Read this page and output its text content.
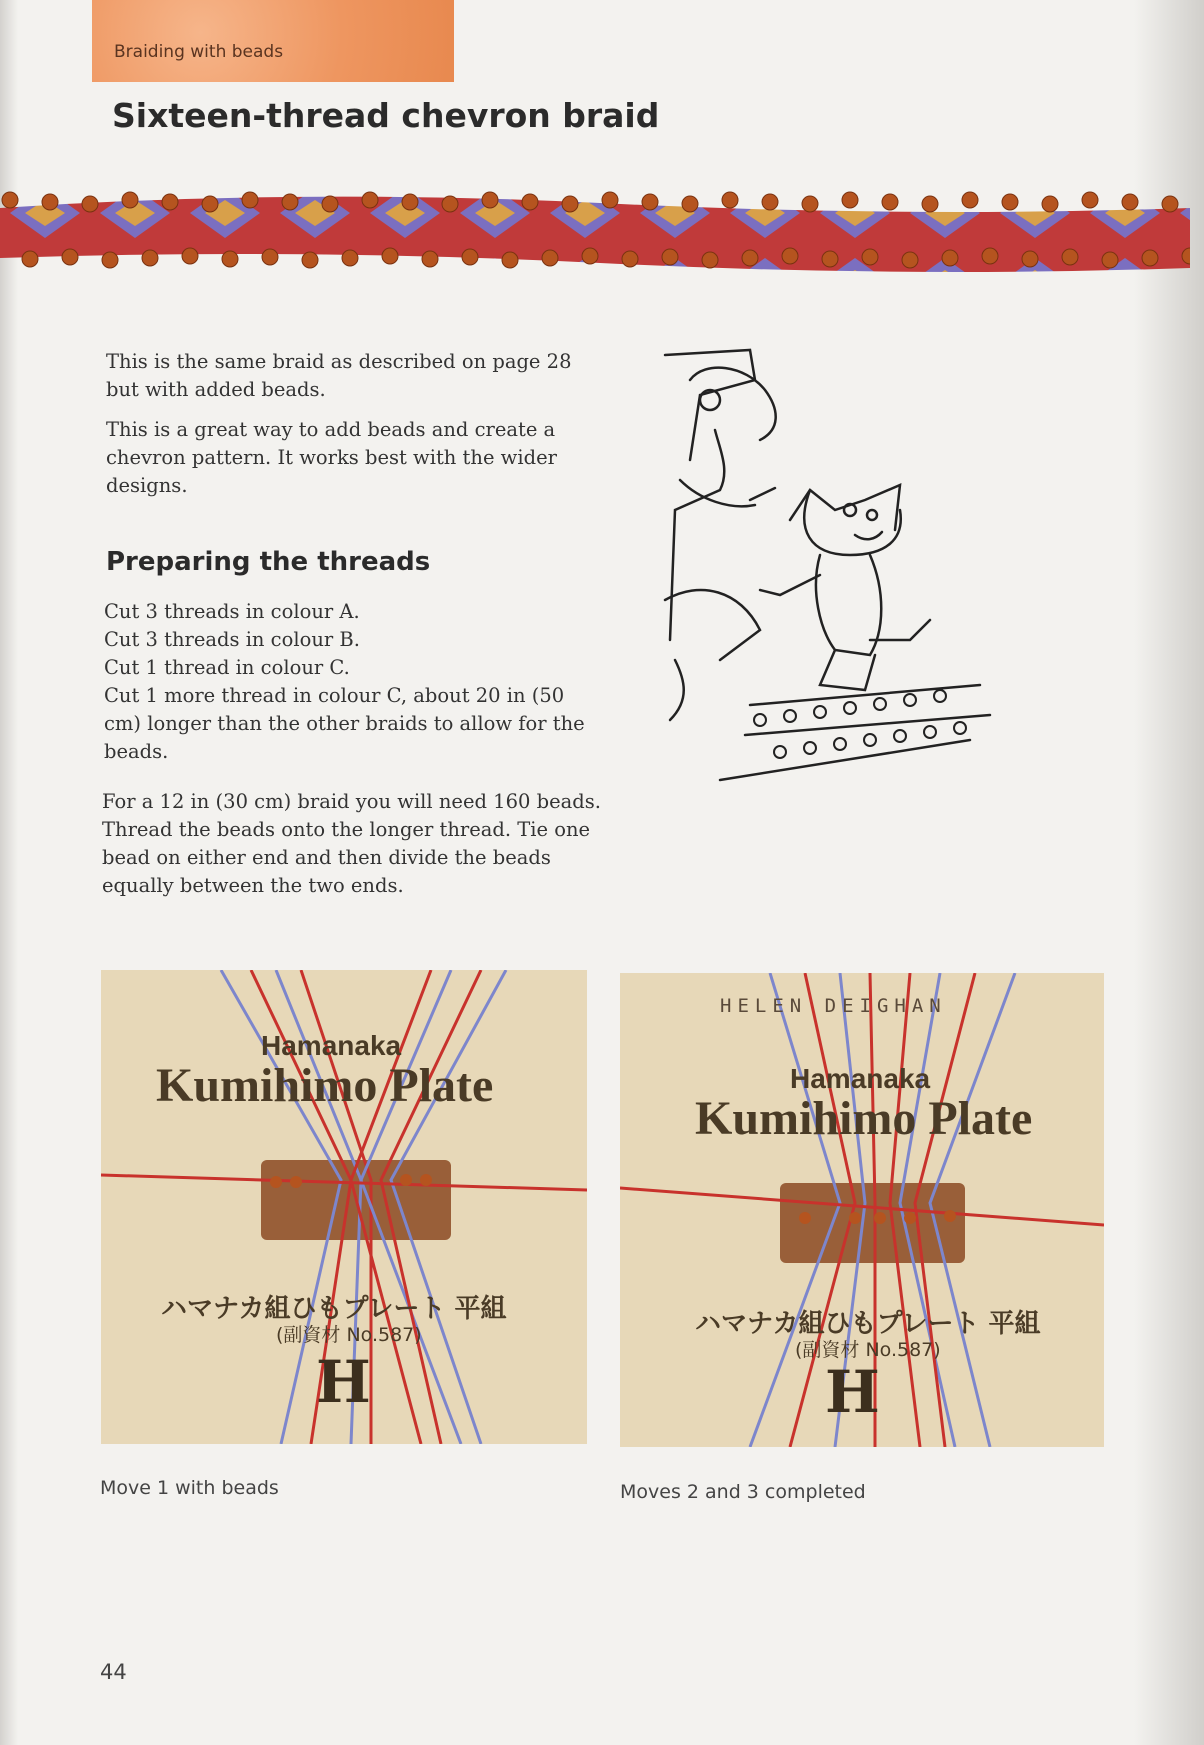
Braiding with beads
Sixteen-thread chevron braid

This is the same braid as described on page 28 but with added beads.

This is a great way to add beads and create a chevron pattern. It works best with the wider designs.

Preparing the threads
Cut 3 threads in colour A.
Cut 3 threads in colour B.
Cut 1 thread in colour C.
Cut 1 more thread in colour C, about 20 in (50 cm) longer than the other braids to allow for the beads.

For a 12 in (30 cm) braid you will need 160 beads. Thread the beads onto the longer thread. Tie one bead on either end and then divide the beads equally between the two ends.

Hamanaka
Kumihimo Plate
ハマナカ組ひもプレート 平組
(副資材 No.587)
H
HELEN DEIGHAN
Hamanaka
Kumihimo Plate
ハマナカ組ひもプレート 平組
(副資材 No.587)
H
Move 1 with beads	Moves 2 and 3 completed
44
